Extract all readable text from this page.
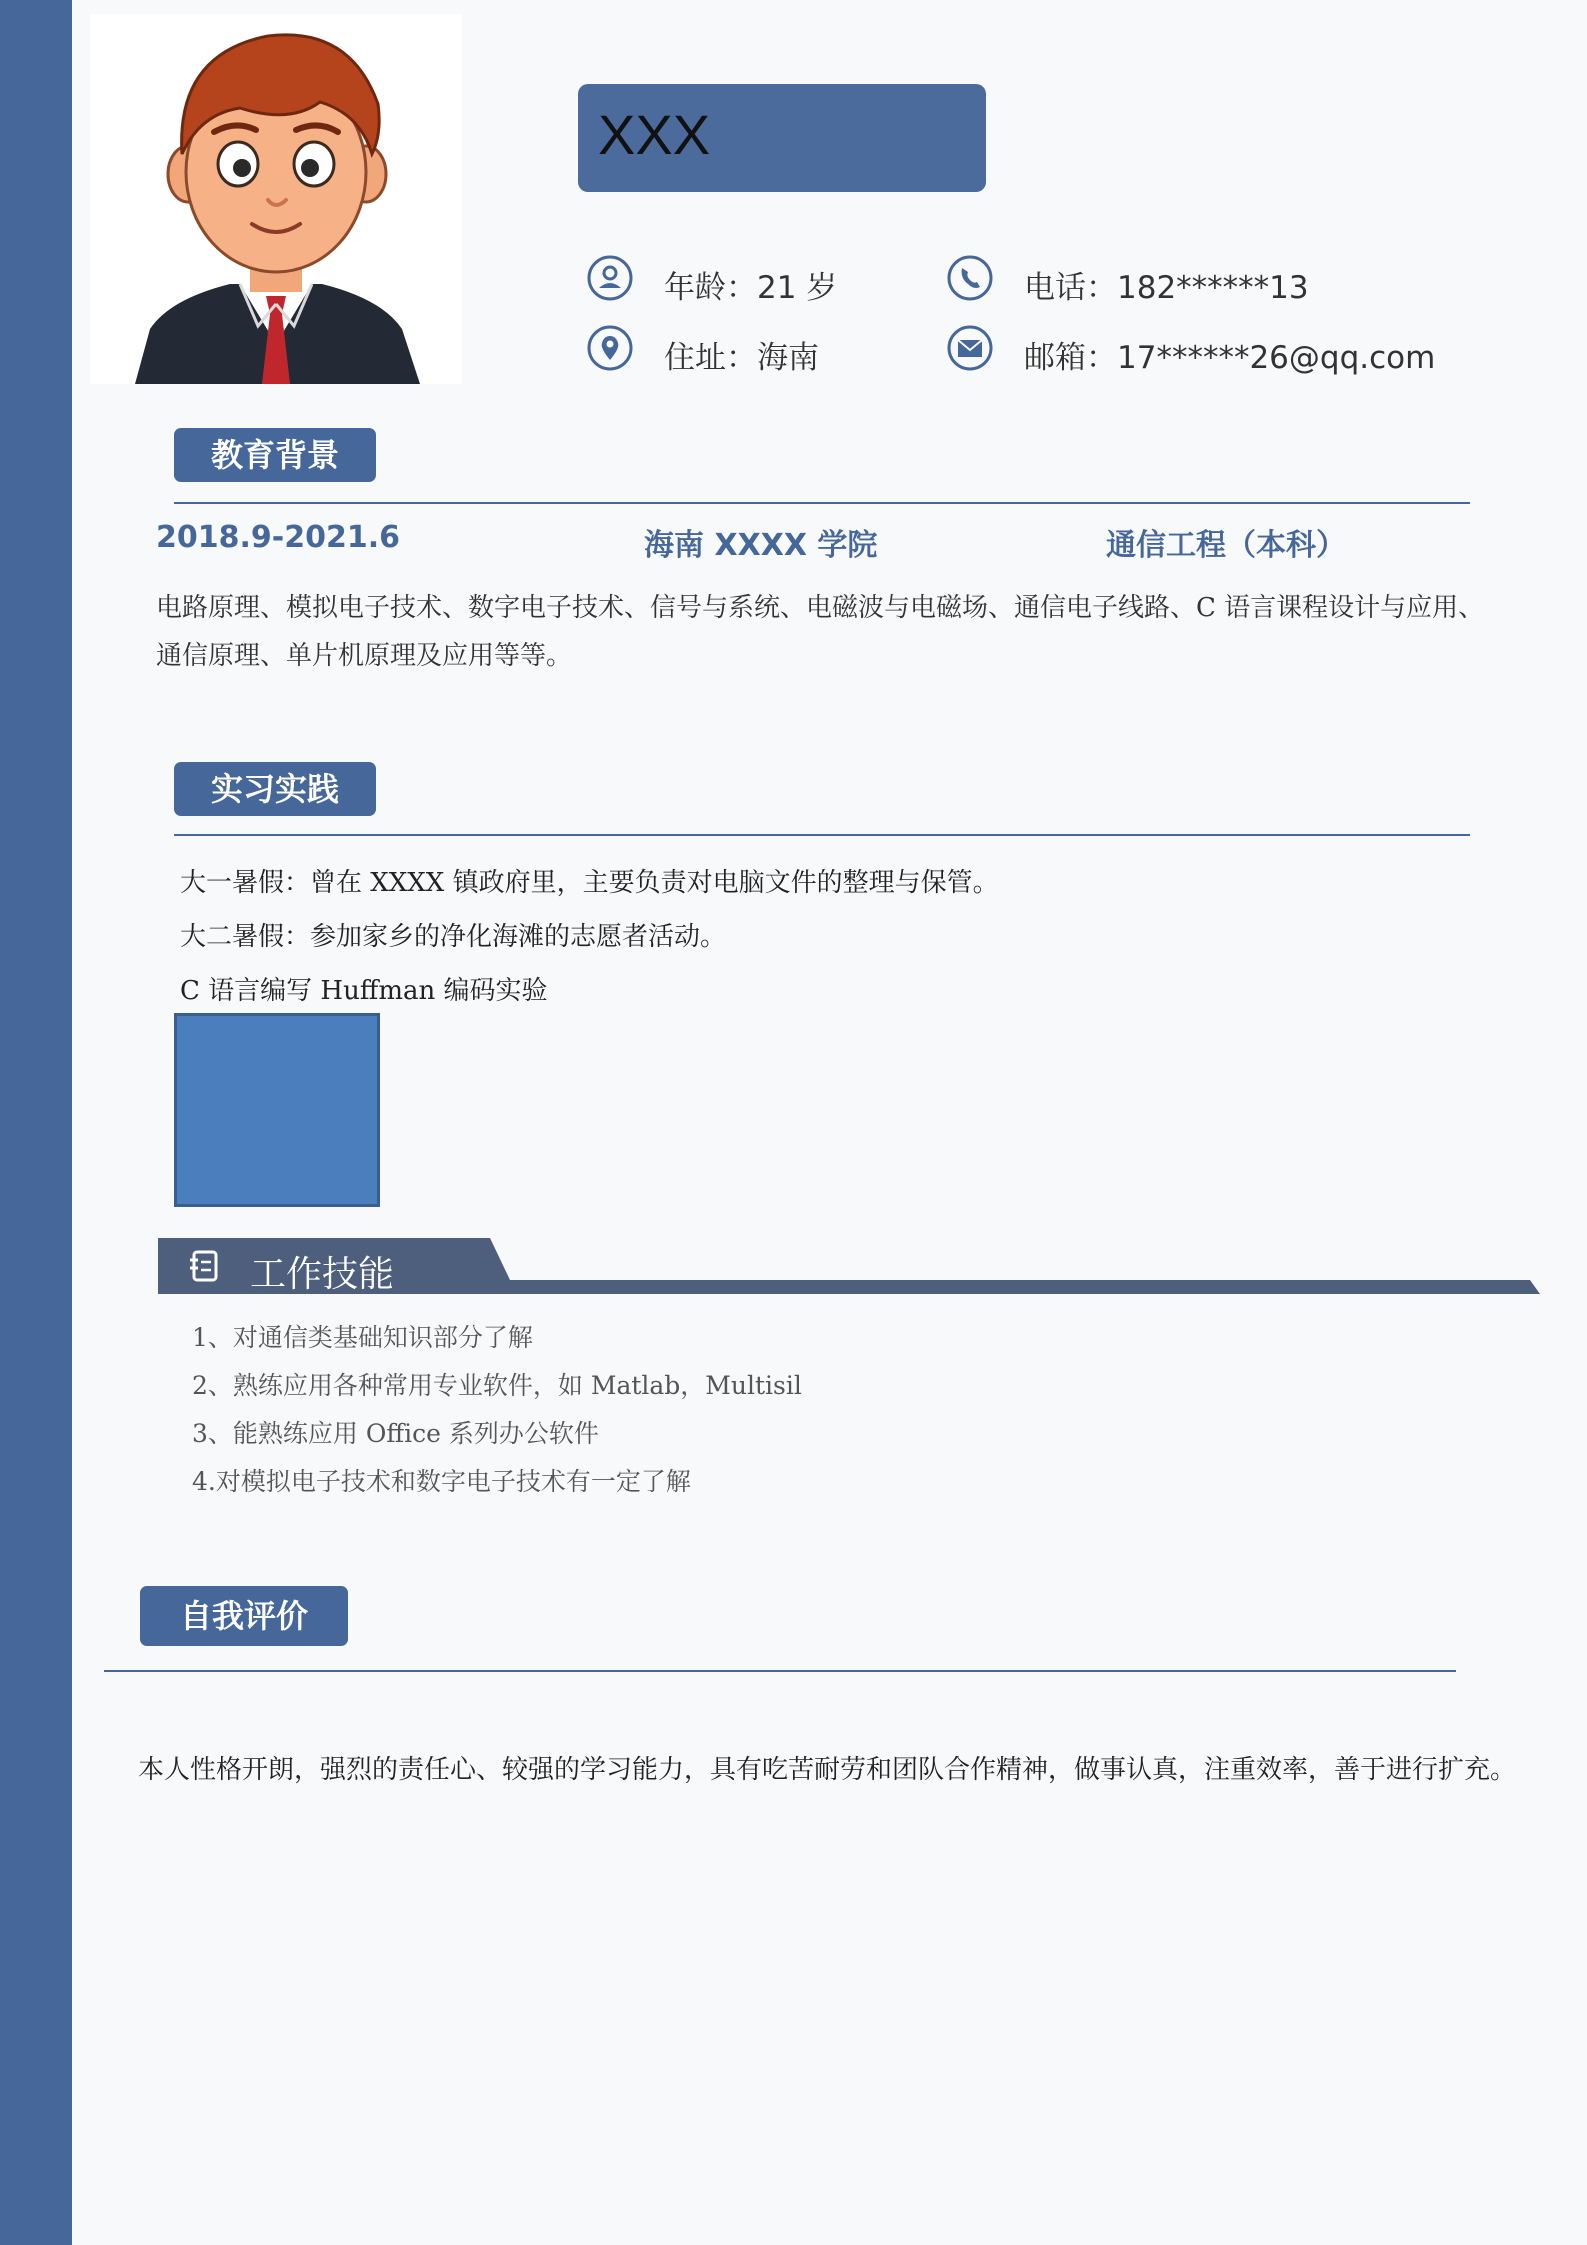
XXX
年龄：21 岁	电话：182******13
住址：海南	邮箱：17******26@qq.com
教育背景
2018.9-2021.6	海南 XXXX 学院	通信工程（本科）
电路原理、模拟电子技术、数字电子技术、信号与系统、电磁波与电磁场、通信电子线路、C 语言课程设计与应用、
通信原理、单片机原理及应用等等。
实习实践
大一暑假：曾在 XXXX 镇政府里，主要负责对电脑文件的整理与保管。
大二暑假：参加家乡的净化海滩的志愿者活动。
C 语言编写 Huffman 编码实验
工作技能
1、对通信类基础知识部分了解
2、熟练应用各种常用专业软件，如 Matlab，Multisil
3、能熟练应用 Office 系列办公软件
4.对模拟电子技术和数字电子技术有一定了解
自我评价
本人性格开朗，强烈的责任心、较强的学习能力，具有吃苦耐劳和团队合作精神，做事认真，注重效率，善于进行扩充。
